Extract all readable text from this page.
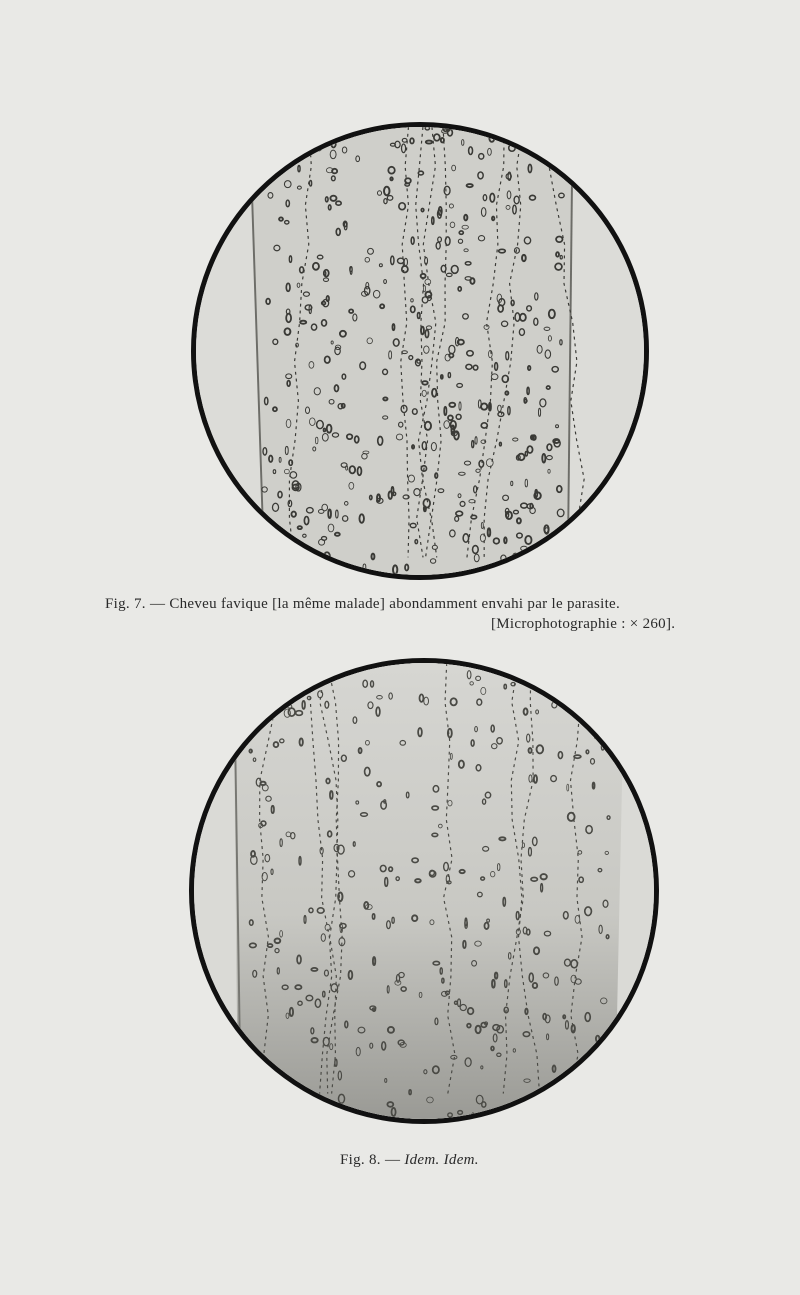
Fig. 7. — Cheveu favique [la même malade] abondamment envahi par le parasite.
[Microphotographie : × 260].
Fig. 8. — Idem. Idem.
